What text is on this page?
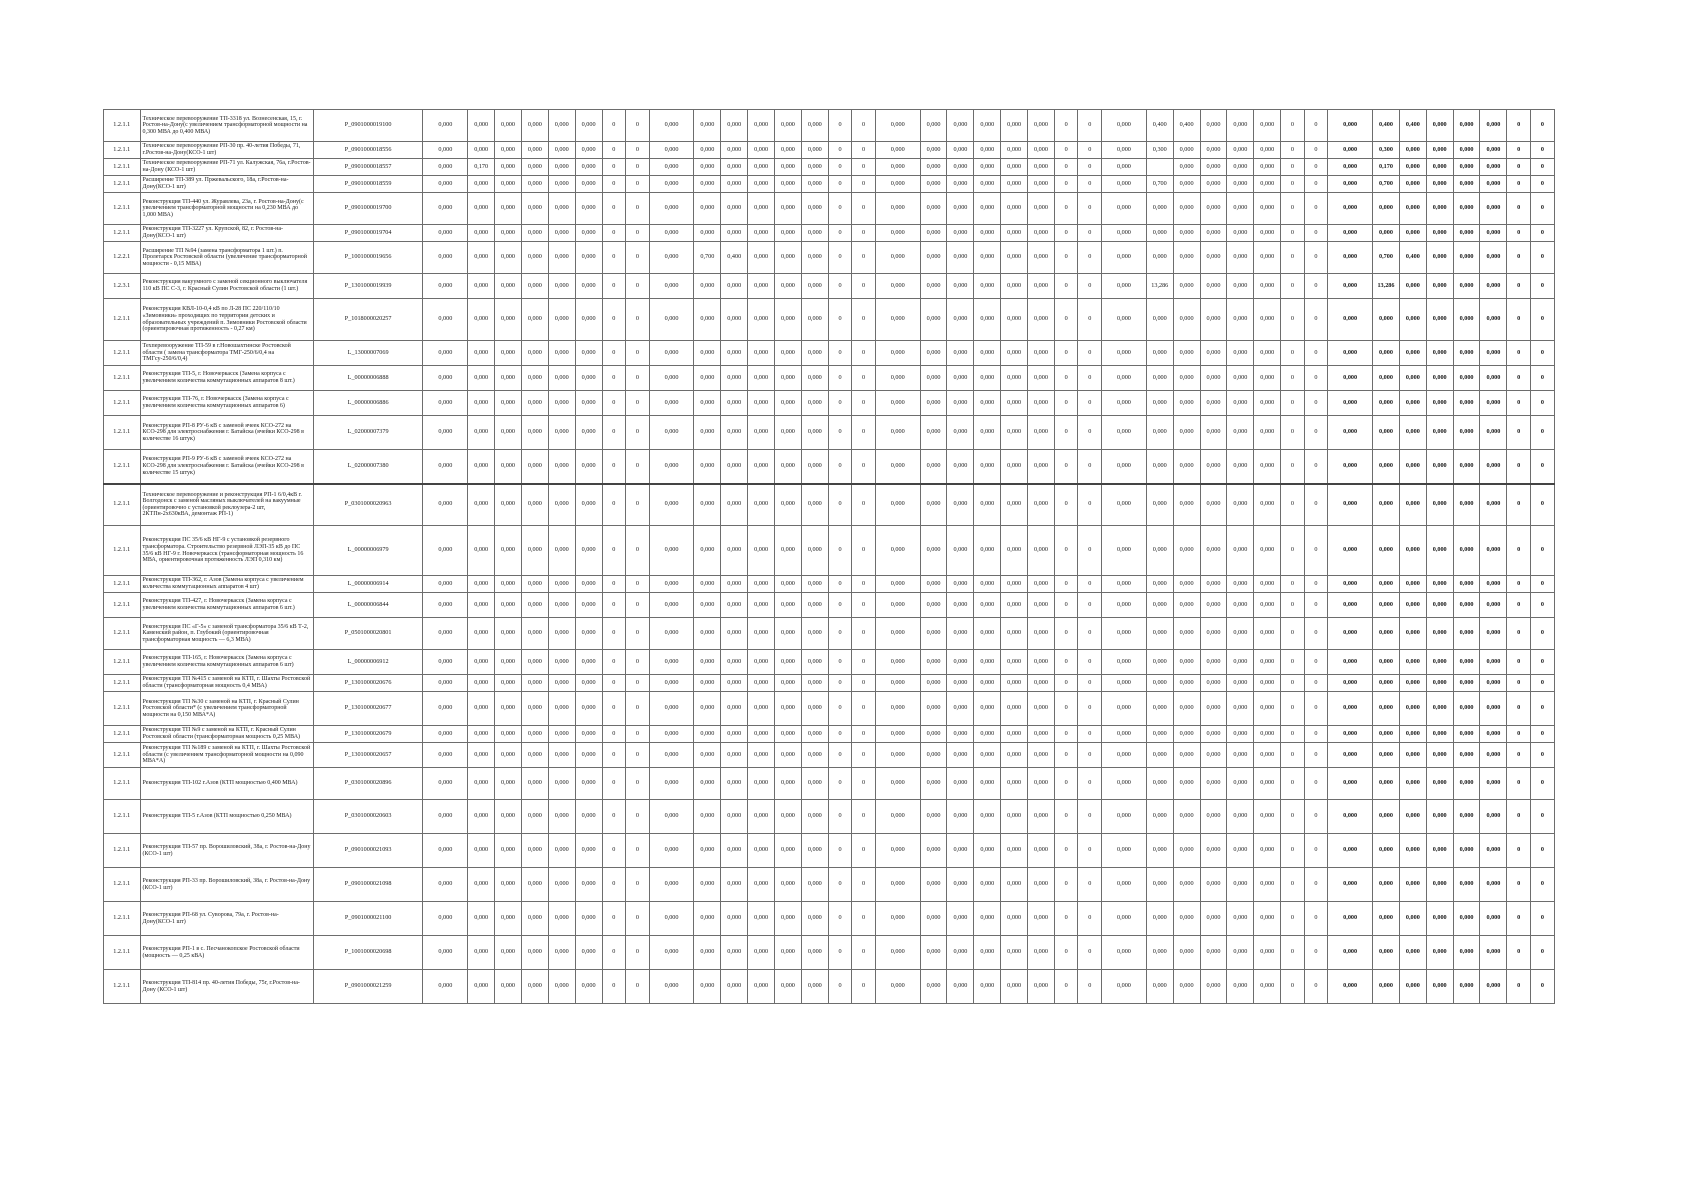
1.2.1.1	Техническое перевооружение ТП-3318 ул. Вознесенская, 15, г. Ростов-на-Дону(с увеличением трансформаторной мощности на 0,300 МВА до 0,400 МВА)	P_0901000019100	0,000	0,000	0,000	0,000	0,000	0,000	0	0	0,000	0,000	0,000	0,000	0,000	0,000	0	0	0,000	0,000	0,000	0,000	0,000	0,000	0	0	0,000	0,400	0,400	0,000	0,000	0,000	0	0	0,000	0,400	0,400	0,000	0,000	0,000	0	0
1.2.1.1	Техническое перевооружение РП-30 пр. 40-летия Победы, 71, г.Ростов-на-Дону(КСО-1 шт)	P_0901000018556	0,000	0,000	0,000	0,000	0,000	0,000	0	0	0,000	0,000	0,000	0,000	0,000	0,000	0	0	0,000	0,000	0,000	0,000	0,000	0,000	0	0	0,000	0,300	0,000	0,000	0,000	0,000	0	0	0,000	0,300	0,000	0,000	0,000	0,000	0	0
1.2.1.1	Техническое перевооружение РП-71 ул. Калужская, 76а, г.Ростов-на-Дону (КСО-1 шт)	P_0901000018557	0,000	0,170	0,000	0,000	0,000	0,000	0	0	0,000	0,000	0,000	0,000	0,000	0,000	0	0	0,000	0,000	0,000	0,000	0,000	0,000	0	0	0,000		0,000	0,000	0,000	0,000	0	0	0,000	0,170	0,000	0,000	0,000	0,000	0	0
1.2.1.1	Расширение ТП-389 ул. Пржевальского, 18а, г.Ростов-на-Дону(КСО-1 шт)	P_0901000018559	0,000	0,000	0,000	0,000	0,000	0,000	0	0	0,000	0,000	0,000	0,000	0,000	0,000	0	0	0,000	0,000	0,000	0,000	0,000	0,000	0	0	0,000	0,700	0,000	0,000	0,000	0,000	0	0	0,000	0,700	0,000	0,000	0,000	0,000	0	0
1.2.1.1	Реконструкция ТП-440 ул. Журавлева, 23а, г. Ростов-на-Дону(с увеличением трансформаторной мощности на 0,230 МВА до 1,000 МВА)	P_0901000019700	0,000	0,000	0,000	0,000	0,000	0,000	0	0	0,000	0,000	0,000	0,000	0,000	0,000	0	0	0,000	0,000	0,000	0,000	0,000	0,000	0	0	0,000	0,000	0,000	0,000	0,000	0,000	0	0	0,000	0,000	0,000	0,000	0,000	0,000	0	0
1.2.1.1	Реконструкция ТП-3227 ул. Крупской, 82, г. Ростов-на-Дону(КСО-1 шт)	P_0901000019704	0,000	0,000	0,000	0,000	0,000	0,000	0	0	0,000	0,000	0,000	0,000	0,000	0,000	0	0	0,000	0,000	0,000	0,000	0,000	0,000	0	0	0,000	0,000	0,000	0,000	0,000	0,000	0	0	0,000	0,000	0,000	0,000	0,000	0,000	0	0
1.2.2.1	Расширение ТП №94 (замена трансформатора 1 шт.) п. Пролетарск Ростовской области (увеличение трансформаторной мощности - 0,15 МВА)	P_1001000019656	0,000	0,000	0,000	0,000	0,000	0,000	0	0	0,000	0,700	0,400	0,000	0,000	0,000	0	0	0,000	0,000	0,000	0,000	0,000	0,000	0	0	0,000	0,000	0,000	0,000	0,000	0,000	0	0	0,000	0,700	0,400	0,000	0,000	0,000	0	0
1.2.3.1	Реконструкция вакуумного с заменой секционного выключателя 110 кВ ПС С-3, г. Красный Сулин Ростовской области (1 шт.)	P_1301000019939	0,000	0,000	0,000	0,000	0,000	0,000	0	0	0,000	0,000	0,000	0,000	0,000	0,000	0	0	0,000	0,000	0,000	0,000	0,000	0,000	0	0	0,000	13,286	0,000	0,000	0,000	0,000	0	0	0,000	13,286	0,000	0,000	0,000	0,000	0	0
1.2.1.1	Реконструкция КВЛ-10-0,4 кВ по Л-28 ПС 220/110/10 «Зимовники» проходящих по территории детских и образовательных учреждений п. Зимовники Ростовской области (ориентировочная протяженность - 0,27 км)	P_1018000020257	0,000	0,000	0,000	0,000	0,000	0,000	0	0	0,000	0,000	0,000	0,000	0,000	0,000	0	0	0,000	0,000	0,000	0,000	0,000	0,000	0	0	0,000	0,000	0,000	0,000	0,000	0,000	0	0	0,000	0,000	0,000	0,000	0,000	0,000	0	0
1.2.1.1	Техперевооружение ТП-59 в г.Новошахтинске Ростовской области ( замена трансформатора ТМГ-250/6/0,4 на ТМГсу-250/6/0,4)	L_13000007069	0,000	0,000	0,000	0,000	0,000	0,000	0	0	0,000	0,000	0,000	0,000	0,000	0,000	0	0	0,000	0,000	0,000	0,000	0,000	0,000	0	0	0,000	0,000	0,000	0,000	0,000	0,000	0	0	0,000	0,000	0,000	0,000	0,000	0,000	0	0
1.2.1.1	Реконструкция ТП-5, г. Новочеркасск (Замена корпуса с увеличением количества коммутационных аппаратов 8 шт.)	L_00000006888	0,000	0,000	0,000	0,000	0,000	0,000	0	0	0,000	0,000	0,000	0,000	0,000	0,000	0	0	0,000	0,000	0,000	0,000	0,000	0,000	0	0	0,000	0,000	0,000	0,000	0,000	0,000	0	0	0,000	0,000	0,000	0,000	0,000	0,000	0	0
1.2.1.1	Реконструкция ТП-76, г. Новочеркасск (Замена корпуса с увеличением количества коммутационных аппаратов 6)	L_00000006886	0,000	0,000	0,000	0,000	0,000	0,000	0	0	0,000	0,000	0,000	0,000	0,000	0,000	0	0	0,000	0,000	0,000	0,000	0,000	0,000	0	0	0,000	0,000	0,000	0,000	0,000	0,000	0	0	0,000	0,000	0,000	0,000	0,000	0,000	0	0
1.2.1.1	Реконструкция РП-8 РУ-6 кВ с заменой ячеек КСО-272 на КСО-298 для электроснабжения г. Батайска (ячейки КСО-298 в количестве 16 штук)	L_02000007379	0,000	0,000	0,000	0,000	0,000	0,000	0	0	0,000	0,000	0,000	0,000	0,000	0,000	0	0	0,000	0,000	0,000	0,000	0,000	0,000	0	0	0,000	0,000	0,000	0,000	0,000	0,000	0	0	0,000	0,000	0,000	0,000	0,000	0,000	0	0
1.2.1.1	Реконструкция РП-9 РУ-6 кВ с заменой ячеек КСО-272 на КСО-298 для электроснабжения г. Батайска (ячейки КСО-298 в количестве 15 штук)	L_02000007380	0,000	0,000	0,000	0,000	0,000	0,000	0	0	0,000	0,000	0,000	0,000	0,000	0,000	0	0	0,000	0,000	0,000	0,000	0,000	0,000	0	0	0,000	0,000	0,000	0,000	0,000	0,000	0	0	0,000	0,000	0,000	0,000	0,000	0,000	0	0
1.2.1.1	Техническое перевооружение и реконструкция РП-1 6/0,4кВ г. Волгодонск с заменой масляных выключателей на вакуумные (ориентировочно с установкой реклоузера-2 шт, 2КТПн-2х630кВА, демонтаж РП-1)	P_0301000020963	0,000	0,000	0,000	0,000	0,000	0,000	0	0	0,000	0,000	0,000	0,000	0,000	0,000	0	0	0,000	0,000	0,000	0,000	0,000	0,000	0	0	0,000	0,000	0,000	0,000	0,000	0,000	0	0	0,000	0,000	0,000	0,000	0,000	0,000	0	0
1.2.1.1	Реконструкция ПС 35/6 кВ НГ-9 с установкой резервного трансформатора. Строительство резервной ЛЭП-35 кВ до ПС 35/6 кВ НГ-9 г. Новочеркасск (трансформаторная мощность 16 МВА, ориентировочная протяженность ЛЭП 0,310 км)	L_00000006979	0,000	0,000	0,000	0,000	0,000	0,000	0	0	0,000	0,000	0,000	0,000	0,000	0,000	0	0	0,000	0,000	0,000	0,000	0,000	0,000	0	0	0,000	0,000	0,000	0,000	0,000	0,000	0	0	0,000	0,000	0,000	0,000	0,000	0,000	0	0
1.2.1.1	Реконструкция ТП-362, г. Азов (Замена корпуса с увеличением количества коммутационных аппаратов 4 шт)	L_00000006914	0,000	0,000	0,000	0,000	0,000	0,000	0	0	0,000	0,000	0,000	0,000	0,000	0,000	0	0	0,000	0,000	0,000	0,000	0,000	0,000	0	0	0,000	0,000	0,000	0,000	0,000	0,000	0	0	0,000	0,000	0,000	0,000	0,000	0,000	0	0
1.2.1.1	Реконструкция ТП-427, г. Новочеркасск (Замена корпуса с увеличением количества коммутационных аппаратов 6 шт.)	L_00000006844	0,000	0,000	0,000	0,000	0,000	0,000	0	0	0,000	0,000	0,000	0,000	0,000	0,000	0	0	0,000	0,000	0,000	0,000	0,000	0,000	0	0	0,000	0,000	0,000	0,000	0,000	0,000	0	0	0,000	0,000	0,000	0,000	0,000	0,000	0	0
1.2.1.1	Реконструкция ПС «Г-5» с заменой трансформатора 35/6 кВ Т-2, Каменский район, п. Глубокий (ориентировочная трансформаторная мощность — 6,3 МВА)	P_0501000020801	0,000	0,000	0,000	0,000	0,000	0,000	0	0	0,000	0,000	0,000	0,000	0,000	0,000	0	0	0,000	0,000	0,000	0,000	0,000	0,000	0	0	0,000	0,000	0,000	0,000	0,000	0,000	0	0	0,000	0,000	0,000	0,000	0,000	0,000	0	0
1.2.1.1	Реконструкция ТП-165, г. Новочеркасск (Замена корпуса с увеличением количества коммутационных аппаратов 6 шт)	L_00000006912	0,000	0,000	0,000	0,000	0,000	0,000	0	0	0,000	0,000	0,000	0,000	0,000	0,000	0	0	0,000	0,000	0,000	0,000	0,000	0,000	0	0	0,000	0,000	0,000	0,000	0,000	0,000	0	0	0,000	0,000	0,000	0,000	0,000	0,000	0	0
1.2.1.1	Реконструкция ТП №415 с заменой на КТП, г. Шахты Ростовской области (трансформаторная мощность 0,4 МВА)	P_1301000020676	0,000	0,000	0,000	0,000	0,000	0,000	0	0	0,000	0,000	0,000	0,000	0,000	0,000	0	0	0,000	0,000	0,000	0,000	0,000	0,000	0	0	0,000	0,000	0,000	0,000	0,000	0,000	0	0	0,000	0,000	0,000	0,000	0,000	0,000	0	0
1.2.1.1	Реконструкция ТП №30 с заменой на КТП, г. Красный Сулин Ростовской области* (с увеличением трансформаторной мощности на 0,150 МВА*А)	P_1301000020677	0,000	0,000	0,000	0,000	0,000	0,000	0	0	0,000	0,000	0,000	0,000	0,000	0,000	0	0	0,000	0,000	0,000	0,000	0,000	0,000	0	0	0,000	0,000	0,000	0,000	0,000	0,000	0	0	0,000	0,000	0,000	0,000	0,000	0,000	0	0
1.2.1.1	Реконструкция ТП №9 с заменой на КТП, г. Красный Сулин Ростовской области (трансформаторная мощность 0,25 МВА)	P_1301000020679	0,000	0,000	0,000	0,000	0,000	0,000	0	0	0,000	0,000	0,000	0,000	0,000	0,000	0	0	0,000	0,000	0,000	0,000	0,000	0,000	0	0	0,000	0,000	0,000	0,000	0,000	0,000	0	0	0,000	0,000	0,000	0,000	0,000	0,000	0	0
1.2.1.1	Реконструкция ТП №189 с заменой на КТП, г. Шахты Ростовской области (с увеличением трансформаторной мощности на 0,090 МВА*А)	P_1301000020657	0,000	0,000	0,000	0,000	0,000	0,000	0	0	0,000	0,000	0,000	0,000	0,000	0,000	0	0	0,000	0,000	0,000	0,000	0,000	0,000	0	0	0,000	0,000	0,000	0,000	0,000	0,000	0	0	0,000	0,000	0,000	0,000	0,000	0,000	0	0
1.2.1.1	Реконструкция ТП-102 г.Азов (КТП мощностью 0,400 МВА)	P_0301000020896	0,000	0,000	0,000	0,000	0,000	0,000	0	0	0,000	0,000	0,000	0,000	0,000	0,000	0	0	0,000	0,000	0,000	0,000	0,000	0,000	0	0	0,000	0,000	0,000	0,000	0,000	0,000	0	0	0,000	0,000	0,000	0,000	0,000	0,000	0	0
1.2.1.1	Реконструкция ТП-5 г.Азов (КТП мощностью 0,250 МВА)	P_0301000020603	0,000	0,000	0,000	0,000	0,000	0,000	0	0	0,000	0,000	0,000	0,000	0,000	0,000	0	0	0,000	0,000	0,000	0,000	0,000	0,000	0	0	0,000	0,000	0,000	0,000	0,000	0,000	0	0	0,000	0,000	0,000	0,000	0,000	0,000	0	0
1.2.1.1	Реконструкция ТП-57 пр. Ворошиловский, 38а, г. Ростов-на-Дону (КСО-1 шт)	P_0901000021093	0,000	0,000	0,000	0,000	0,000	0,000	0	0	0,000	0,000	0,000	0,000	0,000	0,000	0	0	0,000	0,000	0,000	0,000	0,000	0,000	0	0	0,000	0,000	0,000	0,000	0,000	0,000	0	0	0,000	0,000	0,000	0,000	0,000	0,000	0	0
1.2.1.1	Реконструкция РП-33 пр. Ворошиловский, 38а, г. Ростов-на-Дону (КСО-1 шт)	P_0901000021098	0,000	0,000	0,000	0,000	0,000	0,000	0	0	0,000	0,000	0,000	0,000	0,000	0,000	0	0	0,000	0,000	0,000	0,000	0,000	0,000	0	0	0,000	0,000	0,000	0,000	0,000	0,000	0	0	0,000	0,000	0,000	0,000	0,000	0,000	0	0
1.2.1.1	Реконструкция РП-68 ул. Суворова, 79а, г. Ростов-на-Дону(КСО-1 шт)	P_0901000021100	0,000	0,000	0,000	0,000	0,000	0,000	0	0	0,000	0,000	0,000	0,000	0,000	0,000	0	0	0,000	0,000	0,000	0,000	0,000	0,000	0	0	0,000	0,000	0,000	0,000	0,000	0,000	0	0	0,000	0,000	0,000	0,000	0,000	0,000	0	0
1.2.1.1	Реконструкция РП-1 в с. Песчанокопское Ростовской области (мощность — 0,25 кВА)	P_1001000020698	0,000	0,000	0,000	0,000	0,000	0,000	0	0	0,000	0,000	0,000	0,000	0,000	0,000	0	0	0,000	0,000	0,000	0,000	0,000	0,000	0	0	0,000	0,000	0,000	0,000	0,000	0,000	0	0	0,000	0,000	0,000	0,000	0,000	0,000	0	0
1.2.1.1	Реконструкция ТП-814 пр. 40-летия Победы, 75г, г.Ростов-на-Дону (КСО-1 шт)	P_0901000021259	0,000	0,000	0,000	0,000	0,000	0,000	0	0	0,000	0,000	0,000	0,000	0,000	0,000	0	0	0,000	0,000	0,000	0,000	0,000	0,000	0	0	0,000	0,000	0,000	0,000	0,000	0,000	0	0	0,000	0,000	0,000	0,000	0,000	0,000	0	0
